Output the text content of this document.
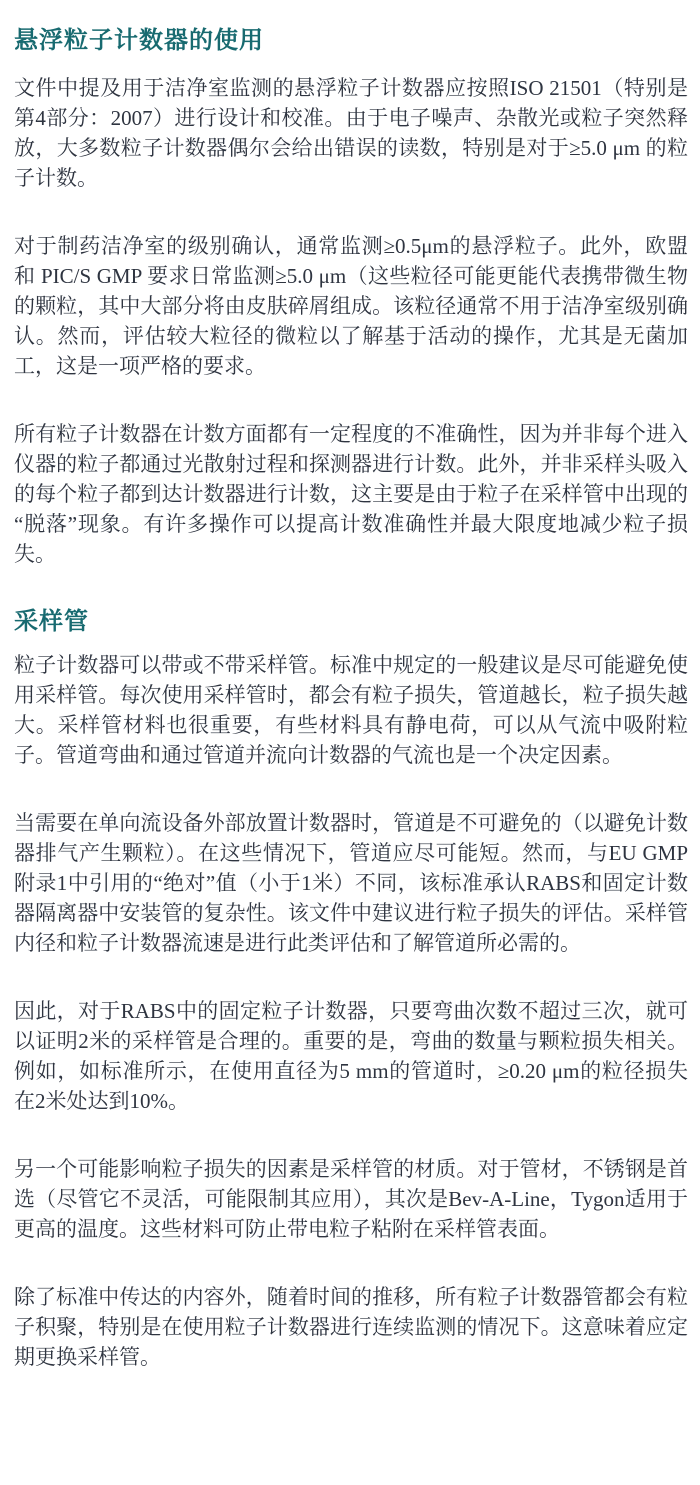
悬浮粒子计数器的使用

文件中提及用于洁净室监测的悬浮粒子计数器应按照ISO 21501（特别是第4部分：2007）进行设计和校准。由于电子噪声、杂散光或粒子突然释放，大多数粒子计数器偶尔会给出错误的读数，特别是对于≥5.0 μm 的粒子计数。

对于制药洁净室的级别确认，通常监测≥0.5μm的悬浮粒子。此外，欧盟和 PIC/S GMP 要求日常监测≥5.0 μm（这些粒径可能更能代表携带微生物的颗粒，其中大部分将由皮肤碎屑组成。该粒径通常不用于洁净室级别确认。然而，评估较大粒径的微粒以了解基于活动的操作，尤其是无菌加工，这是一项严格的要求。

所有粒子计数器在计数方面都有一定程度的不准确性，因为并非每个进入仪器的粒子都通过光散射过程和探测器进行计数。此外，并非采样头吸入的每个粒子都到达计数器进行计数，这主要是由于粒子在采样管中出现的“脱落”现象。有许多操作可以提高计数准确性并最大限度地减少粒子损失。

采样管

粒子计数器可以带或不带采样管。标准中规定的一般建议是尽可能避免使用采样管。每次使用采样管时，都会有粒子损失，管道越长，粒子损失越大。采样管材料也很重要，有些材料具有静电荷，可以从气流中吸附粒子。管道弯曲和通过管道并流向计数器的气流也是一个决定因素。

当需要在单向流设备外部放置计数器时，管道是不可避免的（以避免计数器排气产生颗粒）。在这些情况下，管道应尽可能短。然而，与EU GMP附录1中引用的“绝对”值（小于1米）不同，该标准承认RABS和固定计数器隔离器中安装管的复杂性。该文件中建议进行粒子损失的评估。采样管内径和粒子计数器流速是进行此类评估和了解管道所必需的。

因此，对于RABS中的固定粒子计数器，只要弯曲次数不超过三次，就可以证明2米的采样管是合理的。重要的是，弯曲的数量与颗粒损失相关。例如，如标准所示，在使用直径为5 mm的管道时，≥0.20 μm的粒径损失在2米处达到10%。

另一个可能影响粒子损失的因素是采样管的材质。对于管材，不锈钢是首选（尽管它不灵活，可能限制其应用），其次是Bev-A-Line，Tygon适用于更高的温度。这些材料可防止带电粒子粘附在采样管表面。

除了标准中传达的内容外，随着时间的推移，所有粒子计数器管都会有粒子积聚，特别是在使用粒子计数器进行连续监测的情况下。这意味着应定期更换采样管。
